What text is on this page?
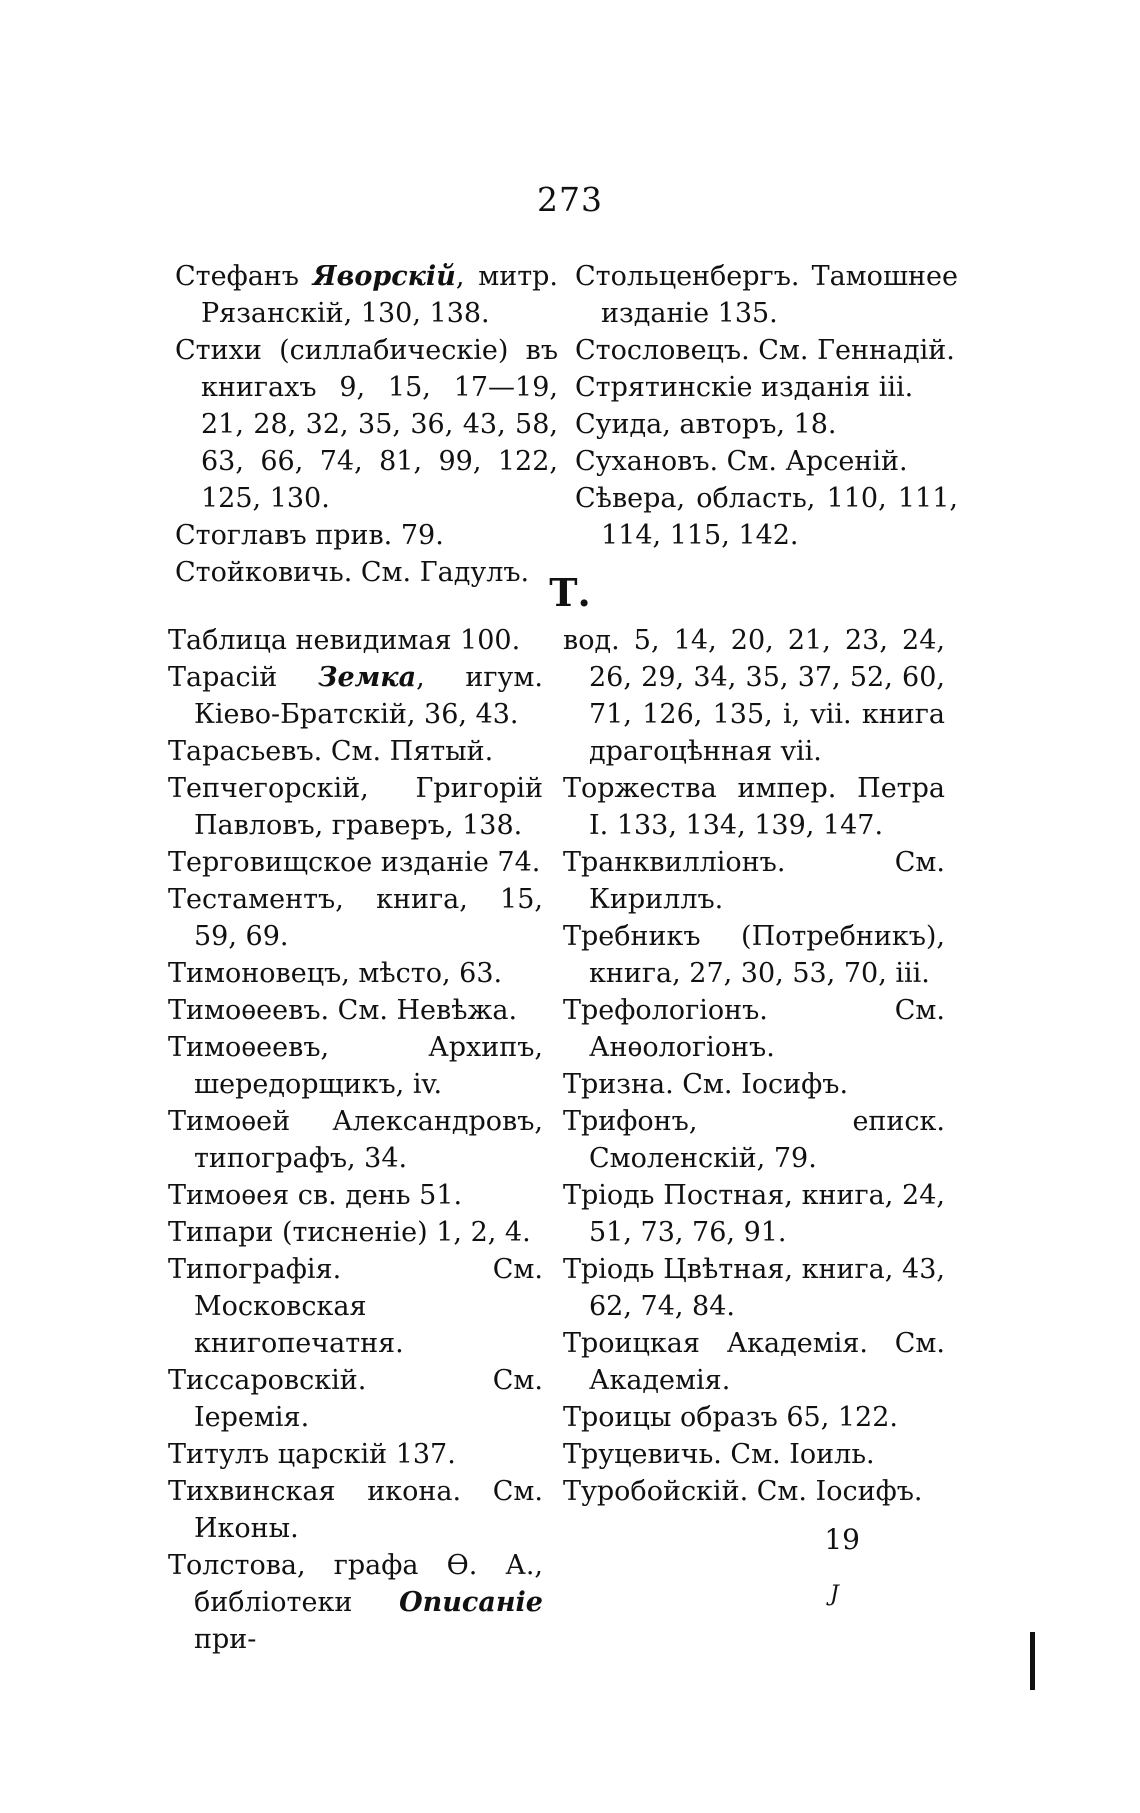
273

Стефанъ Яворскій, митр. Рязанскій, 130, 138.

Стихи (силлабическіе) въ книгахъ 9, 15, 17—19, 21, 28, 32, 35, 36, 43, 58, 63, 66, 74, 81, 99, 122, 125, 130.

Стоглавъ прив. 79.

Стойковичь. См. Гадулъ.

Стольценбергъ. Тамошнее изданіе 135.

Стословецъ. См. Геннадій.

Стрятинскіе изданія iii.

Суида, авторъ, 18.

Сухановъ. См. Арсеній.

Сѣвера, область, 110, 111, 114, 115, 142.

Т.

Таблица невидимая 100.

Тарасій Земка, игум. Кіево-Братскій, 36, 43.

Тарасьевъ. См. Пятый.

Тепчегорскій, Григорій Павловъ, граверъ, 138.

Терговищское изданіе 74.

Тестаментъ, книга, 15, 59, 69.

Тимоновецъ, мѣсто, 63.

Тимоѳеевъ. См. Невѣжа.

Тимоѳеевъ, Архипъ, шередорщикъ, iv.

Тимоѳей Александровъ, типографъ, 34.

Тимоѳея св. день 51.

Типари (тисненіе) 1, 2, 4.

Типографія. См. Московская книгопечатня.

Тиссаровскій. См. Іеремія.

Титулъ царскій 137.

Тихвинская икона. См. Иконы.

Толстова, графа Ѳ. А., библіотеки Описаніе при-

вод. 5, 14, 20, 21, 23, 24, 26, 29, 34, 35, 37, 52, 60, 71, 126, 135, i, vii. книга драгоцѣнная vii.

Торжества импер. Петра I. 133, 134, 139, 147.

Транквилліонъ. См. Кириллъ.

Требникъ (Потребникъ), книга, 27, 30, 53, 70, iii.

Трефологіонъ. См. Анѳологіонъ.

Тризна. См. Іосифъ.

Трифонъ, еписк. Смоленскій, 79.

Тріодь Постная, книга, 24, 51, 73, 76, 91.

Тріодь Цвѣтная, книга, 43, 62, 74, 84.

Троицкая Академія. См. Академія.

Троицы образъ 65, 122.

Труцевичь. См. Іоиль.

Туробойскій. См. Іосифъ.

19
J
